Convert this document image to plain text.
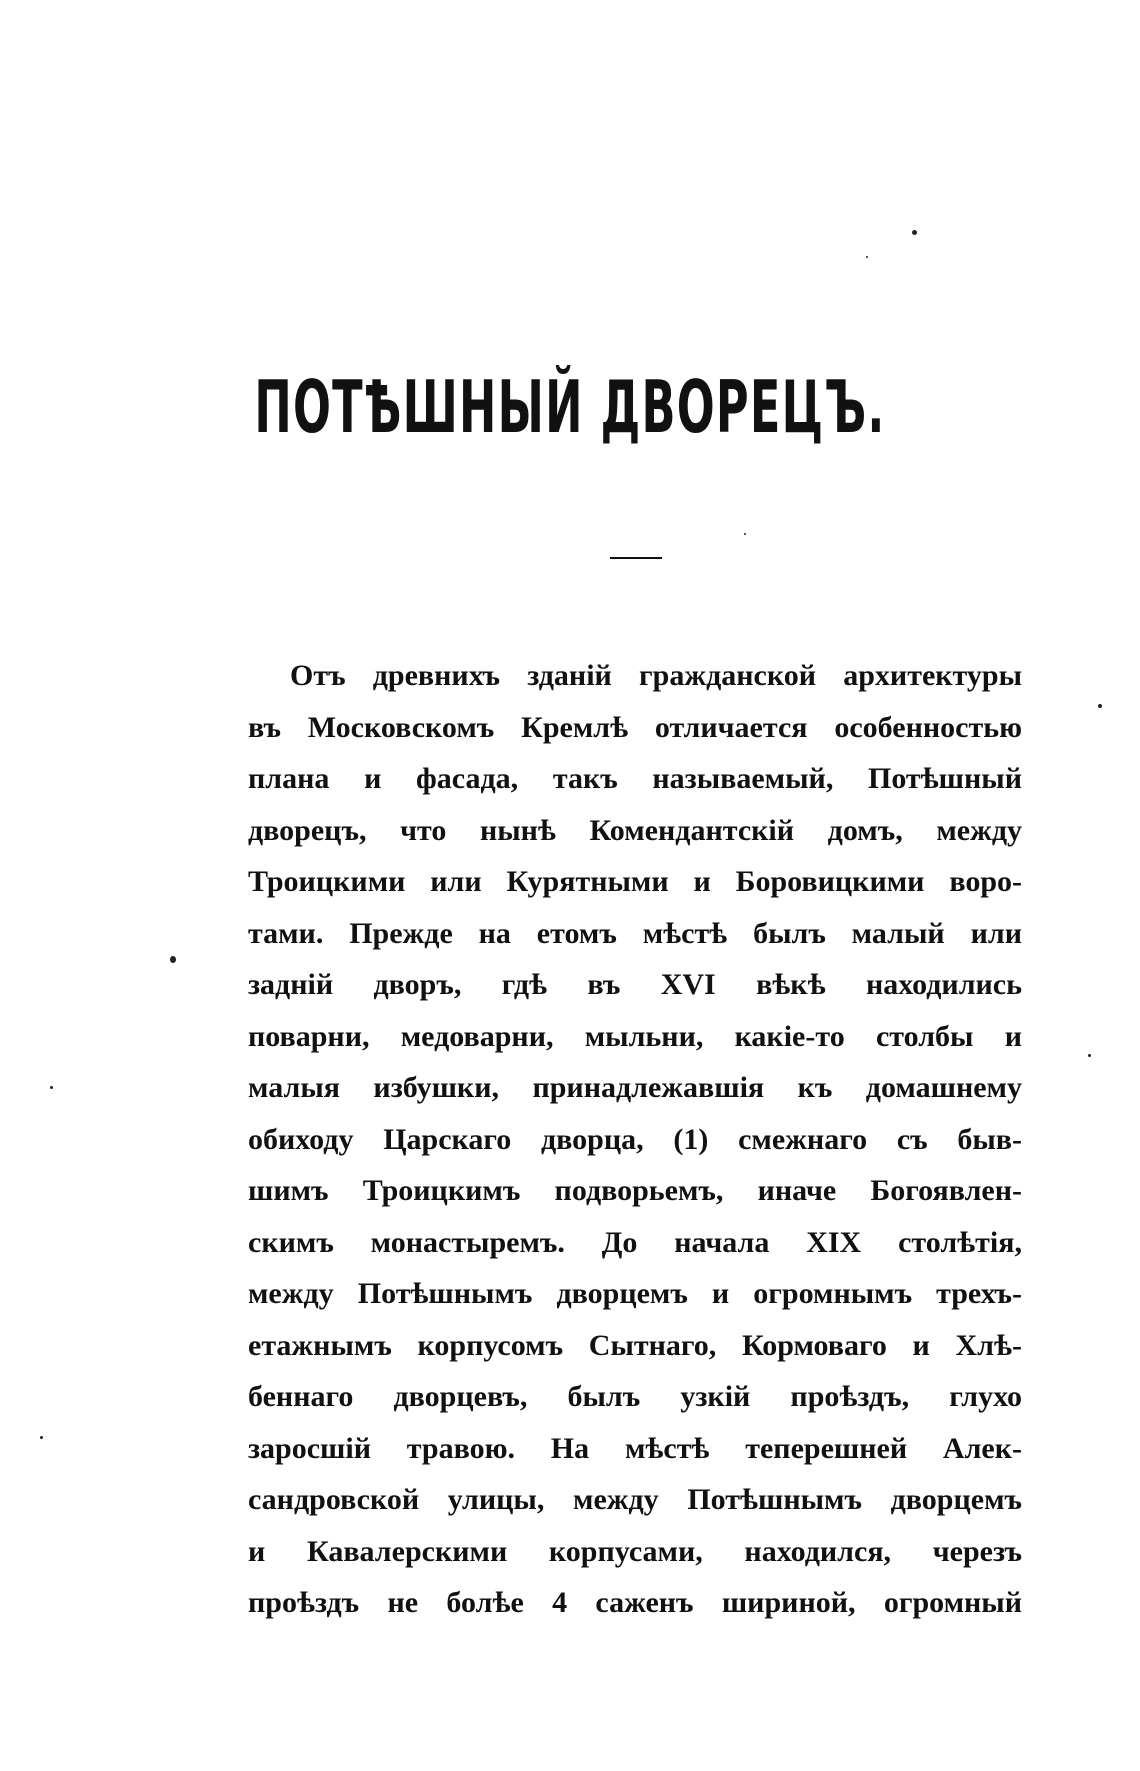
ПОТѢШНЫЙ ДВОРЕЦЪ.
Отъ древнихъ зданій гражданской архитектуры
въ Московскомъ Кремлѣ отличается особенностью
плана и фасада, такъ называемый, Потѣшный
дворецъ, что нынѣ Комендантскій домъ, между
Троицкими или Курятными и Боровицкими воро-
тами. Прежде на етомъ мѣстѣ былъ малый или
заднiй дворъ, гдѣ въ XVI вѣкѣ находились
поварни, медоварни, мыльни, какіе-то столбы и
малыя избушки, принадлежавшія къ домашнему
обиходу Царскаго дворца, (1) смежнаго съ быв-
шимъ Троицкимъ подворьемъ, иначе Богоявлен-
скимъ монастыремъ. До начала XIX столѣтія,
между Потѣшнымъ дворцемъ и огромнымъ трехъ-
етажнымъ корпусомъ Сытнаго, Кормоваго и Хлѣ-
беннаго дворцевъ, былъ узкій проѣздъ, глухо
заросшій травою. На мѣстѣ теперешней Алек-
сандровской улицы, между Потѣшнымъ дворцемъ
и Кавалерскими корпусами, находился, черезъ
проѣздъ не болѣе 4 саженъ шириной, огромный
